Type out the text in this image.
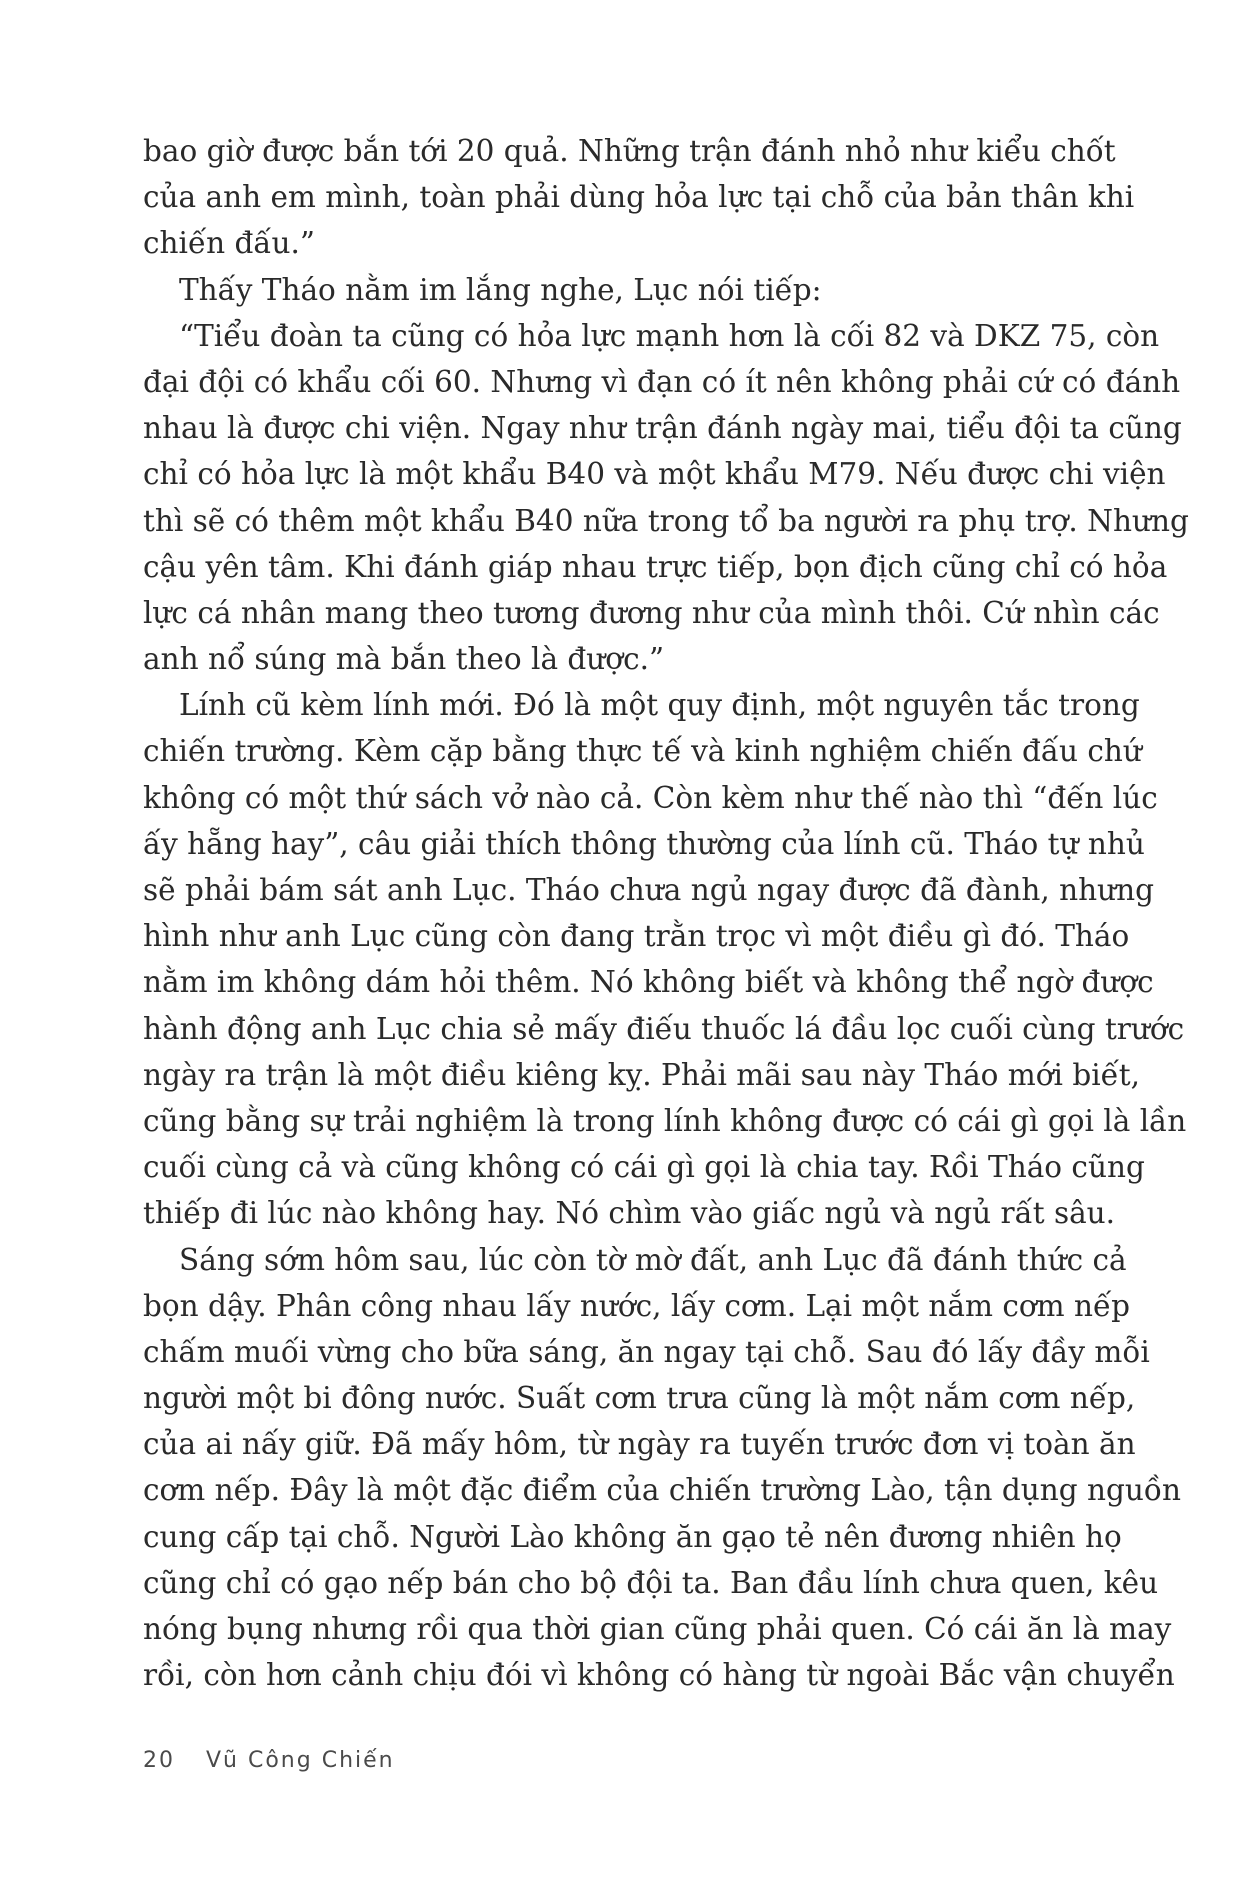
bao giờ được bắn tới 20 quả. Những trận đánh nhỏ như kiểu chốt
của anh em mình, toàn phải dùng hỏa lực tại chỗ của bản thân khi
chiến đấu.”
Thấy Tháo nằm im lắng nghe, Lục nói tiếp:
“Tiểu đoàn ta cũng có hỏa lực mạnh hơn là cối 82 và DKZ 75, còn
đại đội có khẩu cối 60. Nhưng vì đạn có ít nên không phải cứ có đánh
nhau là được chi viện. Ngay như trận đánh ngày mai, tiểu đội ta cũng
chỉ có hỏa lực là một khẩu B40 và một khẩu M79. Nếu được chi viện
thì sẽ có thêm một khẩu B40 nữa trong tổ ba người ra phụ trợ. Nhưng
cậu yên tâm. Khi đánh giáp nhau trực tiếp, bọn địch cũng chỉ có hỏa
lực cá nhân mang theo tương đương như của mình thôi. Cứ nhìn các
anh nổ súng mà bắn theo là được.”
Lính cũ kèm lính mới. Đó là một quy định, một nguyên tắc trong
chiến trường. Kèm cặp bằng thực tế và kinh nghiệm chiến đấu chứ
không có một thứ sách vở nào cả. Còn kèm như thế nào thì “đến lúc
ấy hẵng hay”, câu giải thích thông thường của lính cũ. Tháo tự nhủ
sẽ phải bám sát anh Lục. Tháo chưa ngủ ngay được đã đành, nhưng
hình như anh Lục cũng còn đang trằn trọc vì một điều gì đó. Tháo
nằm im không dám hỏi thêm. Nó không biết và không thể ngờ được
hành động anh Lục chia sẻ mấy điếu thuốc lá đầu lọc cuối cùng trước
ngày ra trận là một điều kiêng kỵ. Phải mãi sau này Tháo mới biết,
cũng bằng sự trải nghiệm là trong lính không được có cái gì gọi là lần
cuối cùng cả và cũng không có cái gì gọi là chia tay. Rồi Tháo cũng
thiếp đi lúc nào không hay. Nó chìm vào giấc ngủ và ngủ rất sâu.
Sáng sớm hôm sau, lúc còn tờ mờ đất, anh Lục đã đánh thức cả
bọn dậy. Phân công nhau lấy nước, lấy cơm. Lại một nắm cơm nếp
chấm muối vừng cho bữa sáng, ăn ngay tại chỗ. Sau đó lấy đầy mỗi
người một bi đông nước. Suất cơm trưa cũng là một nắm cơm nếp,
của ai nấy giữ. Đã mấy hôm, từ ngày ra tuyến trước đơn vị toàn ăn
cơm nếp. Đây là một đặc điểm của chiến trường Lào, tận dụng nguồn
cung cấp tại chỗ. Người Lào không ăn gạo tẻ nên đương nhiên họ
cũng chỉ có gạo nếp bán cho bộ đội ta. Ban đầu lính chưa quen, kêu
nóng bụng nhưng rồi qua thời gian cũng phải quen. Có cái ăn là may
rồi, còn hơn cảnh chịu đói vì không có hàng từ ngoài Bắc vận chuyển
20 Vũ Công Chiến
